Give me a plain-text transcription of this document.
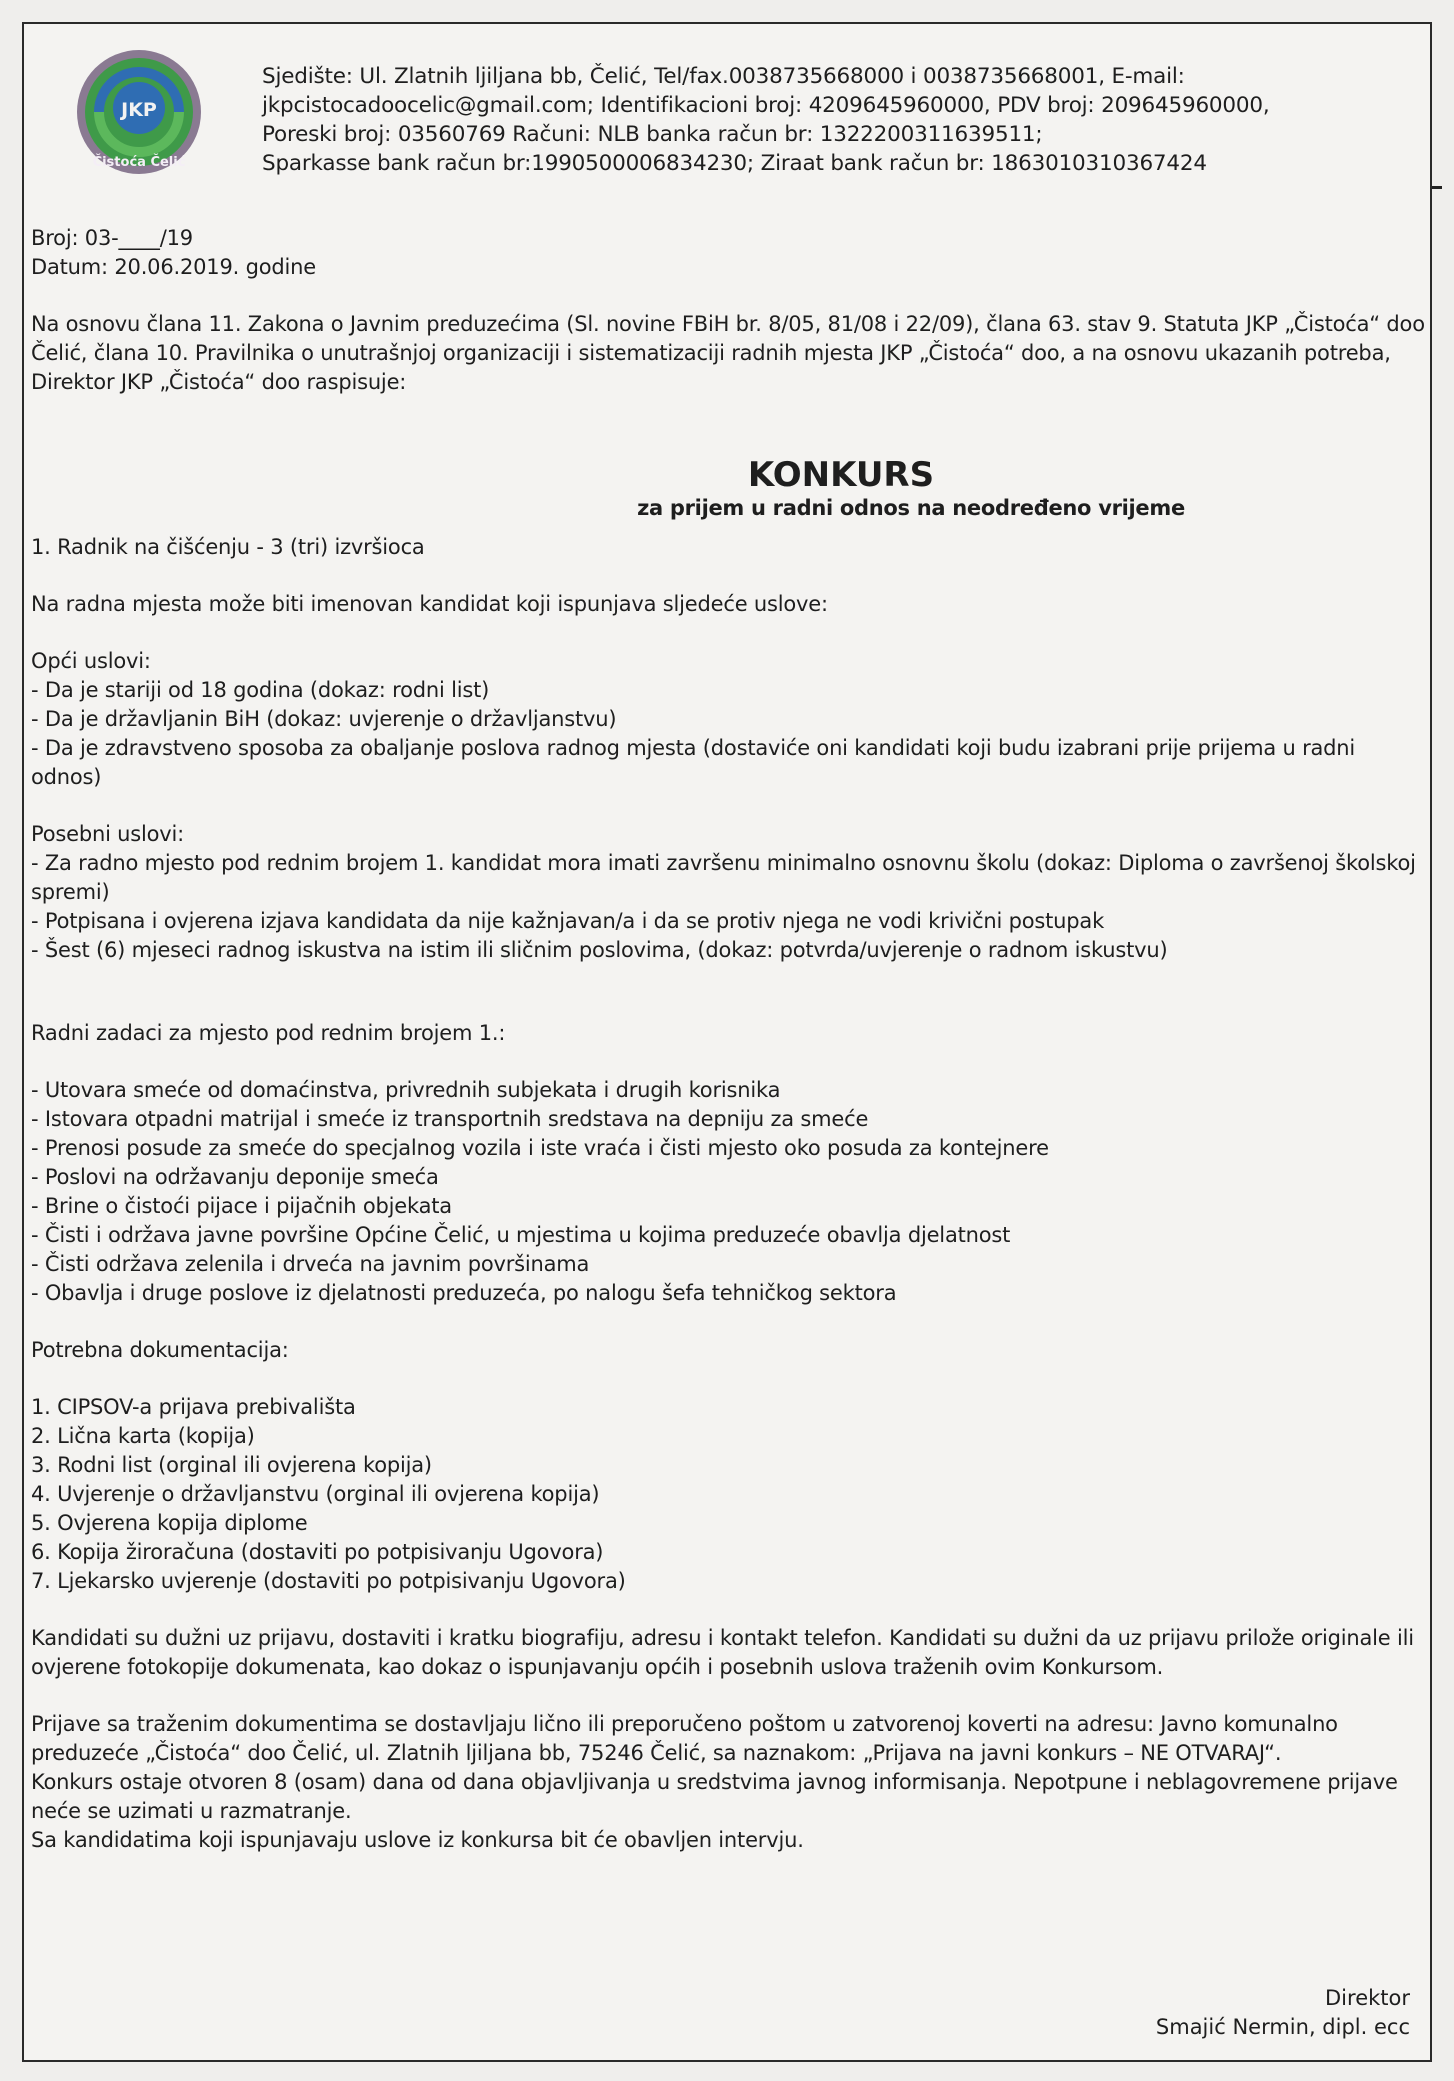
JKP
Čistoća Čelić
Sjedište: Ul. Zlatnih ljiljana bb, Čelić, Tel/fax.0038735668000 i 0038735668001, E-mail:
jkpcistocadoocelic@gmail.com; Identifikacioni broj: 4209645960000, PDV broj: 209645960000,
Poreski broj: 03560769 Računi: NLB banka račun br: 1322200311639511;
Sparkasse bank račun br:1990500006834230; Ziraat bank račun br: 1863010310367424

Broj: 03-____/19

Datum: 20.06.2019. godine

Na osnovu člana 11. Zakona o Javnim preduzećima (Sl. novine FBiH br. 8/05, 81/08 i 22/09), člana 63. stav 9. Statuta JKP „Čistoća“ doo Čelić, člana 10. Pravilnika o unutrašnjoj organizaciji i sistematizaciji radnih mjesta JKP „Čistoća“ doo, a na osnovu ukazanih potreba, Direktor JKP „Čistoća“ doo raspisuje:

KONKURS
za prijem u radni odnos na neodređeno vrijeme

1. Radnik na čišćenju - 3 (tri) izvršioca

Na radna mjesta može biti imenovan kandidat koji ispunjava sljedeće uslove:

Opći uslovi:

- Da je stariji od 18 godina (dokaz: rodni list)
- Da je državljanin BiH (dokaz: uvjerenje o državljanstvu)
- Da je zdravstveno sposoba za obaljanje poslova radnog mjesta (dostaviće oni kandidati koji budu izabrani prije prijema u radni odnos)

Posebni uslovi:

- Za radno mjesto pod rednim brojem 1. kandidat mora imati završenu minimalno osnovnu školu (dokaz: Diploma o završenoj školskoj spremi)
- Potpisana i ovjerena izjava kandidata da nije kažnjavan/a i da se protiv njega ne vodi krivični postupak
- Šest (6) mjeseci radnog iskustva na istim ili sličnim poslovima, (dokaz: potvrda/uvjerenje o radnom iskustvu)

Radni zadaci za mjesto pod rednim brojem 1.:

- Utovara smeće od domaćinstva, privrednih subjekata i drugih korisnika
- Istovara otpadni matrijal i smeće iz transportnih sredstava na depniju za smeće
- Prenosi posude za smeće do specjalnog vozila i iste vraća i čisti mjesto oko posuda za kontejnere
- Poslovi na održavanju deponije smeća
- Brine o čistoći pijace i pijačnih objekata
- Čisti i održava javne površine Općine Čelić, u mjestima u kojima preduzeće obavlja djelatnost
- Čisti održava zelenila i drveća na javnim površinama
- Obavlja i druge poslove iz djelatnosti preduzeća, po nalogu šefa tehničkog sektora

Potrebna dokumentacija:

1. CIPSOV-a prijava prebivališta
2. Lična karta (kopija)
3. Rodni list (orginal ili ovjerena kopija)
4. Uvjerenje o državljanstvu (orginal ili ovjerena kopija)
5. Ovjerena kopija diplome
6. Kopija žiroračuna (dostaviti po potpisivanju Ugovora)
7. Ljekarsko uvjerenje (dostaviti po potpisivanju Ugovora)

Kandidati su dužni uz prijavu, dostaviti i kratku biografiju, adresu i kontakt telefon. Kandidati su dužni da uz prijavu prilože originale ili ovjerene fotokopije dokumenata, kao dokaz o ispunjavanju općih i posebnih uslova traženih ovim Konkursom.

Prijave sa traženim dokumentima se dostavljaju lično ili preporučeno poštom u zatvorenoj koverti na adresu: Javno komunalno preduzeće „Čistoća“ doo Čelić, ul. Zlatnih ljiljana bb, 75246 Čelić, sa naznakom: „Prijava na javni konkurs – NE OTVARAJ“.

Konkurs ostaje otvoren 8 (osam) dana od dana objavljivanja u sredstvima javnog informisanja. Nepotpune i neblagovremene prijave neće se uzimati u razmatranje.

Sa kandidatima koji ispunjavaju uslove iz konkursa bit će obavljen intervju.

Direktor
Smajić Nermin, dipl. ecc
